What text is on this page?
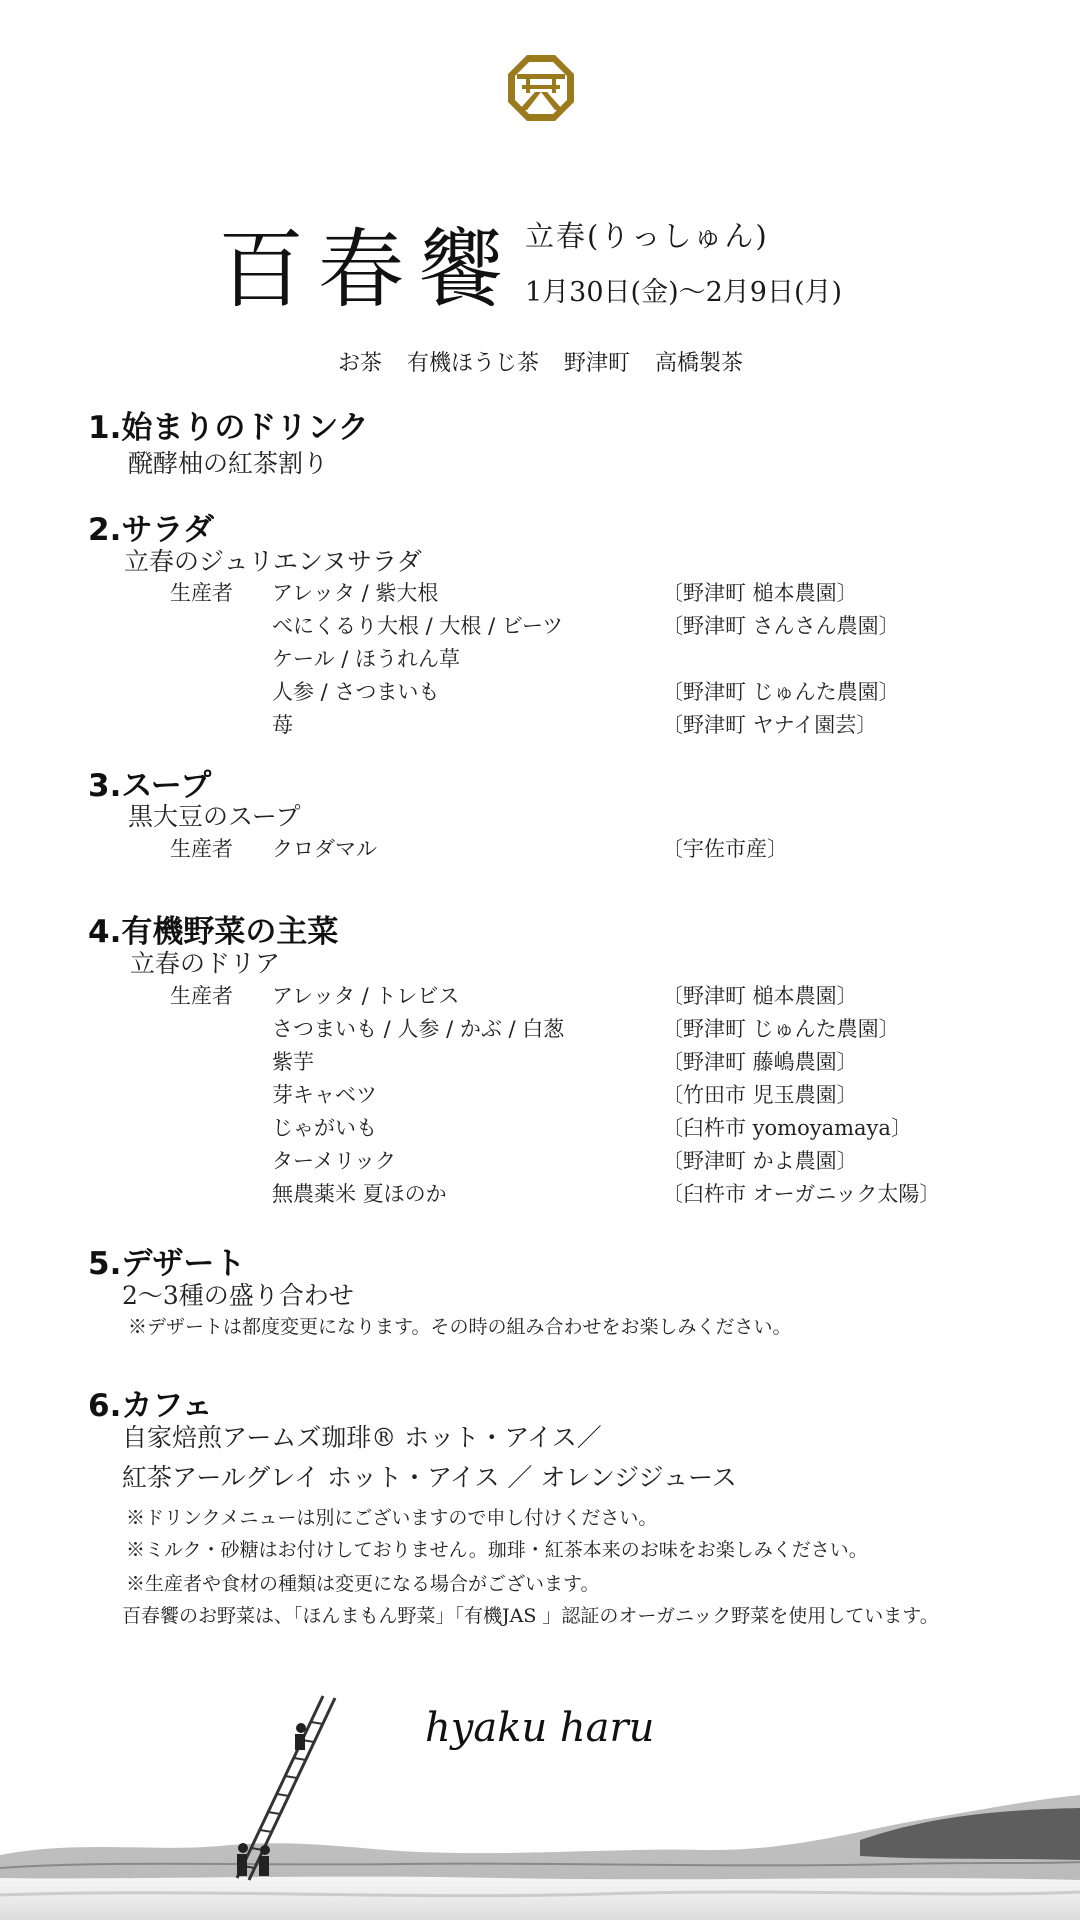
百春饗 立春(りっしゅん)
1月30日(金)〜2月9日(月)
お茶 有機ほうじ茶 野津町 高橋製茶
1.始まりのドリンク
醗酵柚の紅茶割り
2.サラダ
立春のジュリエンヌサラダ
生産者 アレッタ / 紫大根	〔野津町 槌本農園〕
べにくるり大根 / 大根 / ビーツ	〔野津町 さんさん農園〕
ケール / ほうれん草
人参 / さつまいも	〔野津町 じゅんた農園〕
苺	〔野津町 ヤナイ園芸〕
3.スープ
黒大豆のスープ
生産者 クロダマル	〔宇佐市産〕
4.有機野菜の主菜
立春のドリア
生産者 アレッタ / トレビス	〔野津町 槌本農園〕
さつまいも / 人参 / かぶ / 白葱	〔野津町 じゅんた農園〕
紫芋	〔野津町 藤嶋農園〕
芽キャベツ	〔竹田市 児玉農園〕
じゃがいも	〔臼杵市 yomoyamaya〕
ターメリック	〔野津町 かよ農園〕
無農薬米 夏ほのか	〔臼杵市 オーガニック太陽〕
5.デザート
2〜3種の盛り合わせ
※デザートは都度変更になります。その時の組み合わせをお楽しみください。
6.カフェ
自家焙煎アームズ珈琲® ホット・アイス／
紅茶アールグレイ ホット・アイス ／ オレンジジュース
※ドリンクメニューは別にございますので申し付けください。
※ミルク・砂糖はお付けしておりません。珈琲・紅茶本来のお味をお楽しみください。
※生産者や食材の種類は変更になる場合がございます。
百春饗のお野菜は、「ほんまもん野菜」「有機JAS 」認証のオーガニック野菜を使用しています。
hyaku haru
